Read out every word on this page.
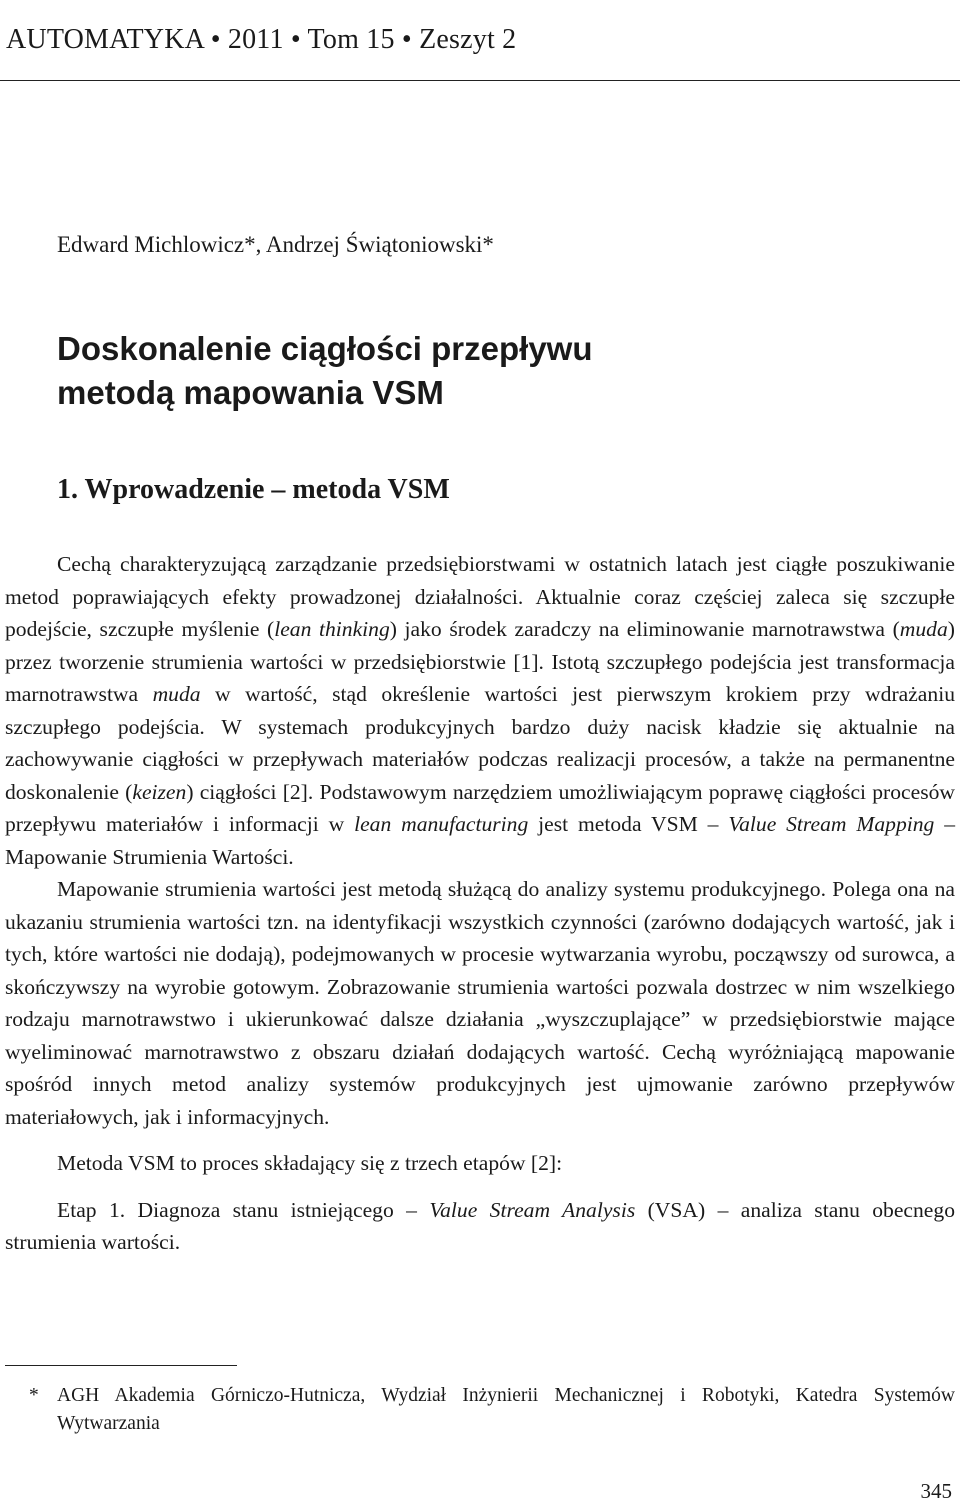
AUTOMATYKA • 2011 • Tom 15 • Zeszyt 2
Edward Michlowicz*, Andrzej Świątoniowski*
Doskonalenie ciągłości przepływu
metodą mapowania VSM
1. Wprowadzenie – metoda VSM

Cechą charakteryzującą zarządzanie przedsiębiorstwami w ostatnich latach jest ciągłe poszukiwanie metod poprawiających efekty prowadzonej działalności. Aktualnie coraz częściej zaleca się szczupłe podejście, szczupłe myślenie (lean thinking) jako środek zaradczy na eliminowanie marnotrawstwa (muda) przez tworzenie strumienia wartości w przedsiębiorstwie [1]. Istotą szczupłego podejścia jest transformacja marnotrawstwa muda w wartość, stąd określenie wartości jest pierwszym krokiem przy wdrażaniu szczupłego podejścia. W systemach produkcyjnych bardzo duży nacisk kładzie się aktualnie na zachowywanie ciągłości w przepływach materiałów podczas realizacji procesów, a także na permanentne doskonalenie (keizen) ciągłości [2]. Podstawowym narzędziem umożliwiającym poprawę ciągłości procesów przepływu materiałów i informacji w lean manufacturing jest metoda VSM – Value Stream Mapping – Mapowanie Strumienia Wartości.

Mapowanie strumienia wartości jest metodą służącą do analizy systemu produkcyjnego. Polega ona na ukazaniu strumienia wartości tzn. na identyfikacji wszystkich czynności (zarówno dodających wartość, jak i tych, które wartości nie dodają), podejmowanych w procesie wytwarzania wyrobu, począwszy od surowca, a skończywszy na wyrobie gotowym. Zobrazowanie strumienia wartości pozwala dostrzec w nim wszelkiego rodzaju marnotrawstwo i ukierunkować dalsze działania „wyszczuplające” w przedsiębiorstwie mające wyeliminować marnotrawstwo z obszaru działań dodających wartość. Cechą wyróżniającą mapowanie spośród innych metod analizy systemów produkcyjnych jest ujmowanie zarówno przepływów materiałowych, jak i informacyjnych.

Metoda VSM to proces składający się z trzech etapów [2]:

Etap 1. Diagnoza stanu istniejącego – Value Stream Analysis (VSA) – analiza stanu obecnego strumienia wartości.

* AGH Akademia Górniczo-Hutnicza, Wydział Inżynierii Mechanicznej i Robotyki, Katedra Systemów Wytwarzania
345
